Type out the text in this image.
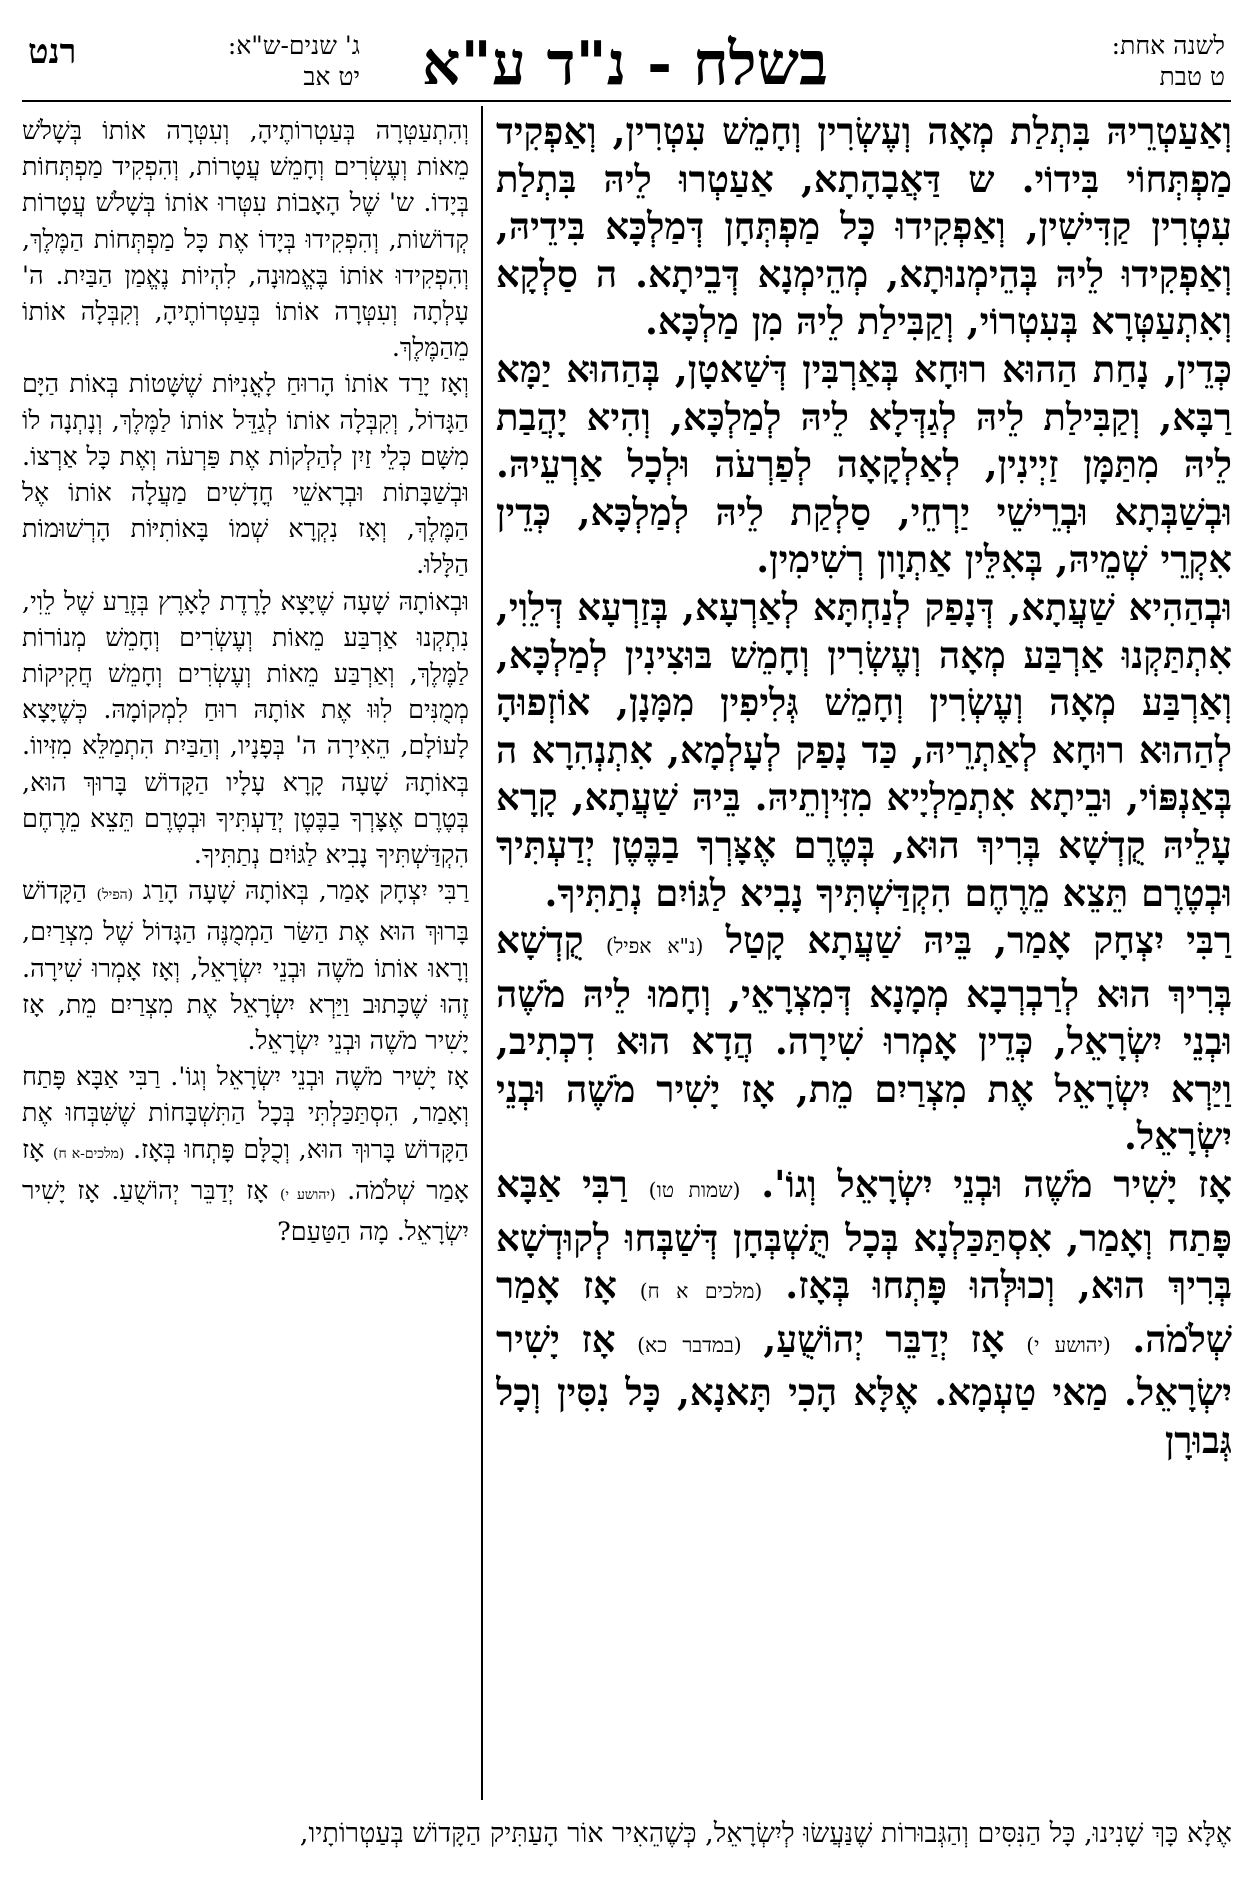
לשנה אחת:
ט טבת
בשלח - נ"ד ע"א
ג' שנים-ש"א:
יט אב
רנט

וְאַעַטְרֵיהּ בִּתְלַת מְאָה וְעֶשְׂרִין וְחָמֵשׁ עִטְרִין, וְאַפְקִיד מַפְתְּחוֹי בִּידוֹי. ש דַּאֲבָהָתָא, אַעַטְרוּ לֵיהּ בִּתְלַת עִטְרִין קַדִּישִׁין, וְאַפְקִידוּ כָּל מַפְתְּחָן דְּמַלְכָּא בִּידֵיהּ, וְאַפְקִידוּ לֵיהּ בְּהֵימְנוּתָא, מְהֵימְנָא דְּבֵיתָא. ה סַלְקָא וְאִתְעַטְּרָא בְּעִטְרוֹי, וְקַבִּילַת לֵיהּ מִן מַלְכָּא.

כְּדֵין, נָחַת הַהוּא רוּחָא בְּאַרְבִּין דְּשַׁאטָן, בְּהַהוּא יַמָּא רַבָּא, וְקַבִּילַת לֵיהּ לְגַדְּלָא לֵיהּ לְמַלְכָּא, וְהִיא יָהֲבַת לֵיהּ מִתַּמָּן זַיְינִין, לְאַלְקָאָה לְפַרְעֹה וּלְכָל אַרְעֵיהּ. וּבְשַׁבְּתָא וּבְרֵישֵׁי יַרְחֵי, סַלְקַת לֵיהּ לְמַלְכָּא, כְּדֵין אִקְרֵי שְׁמֵיהּ, בְּאִלֵּין אַתְוָון רְשִׁימִין.

וּבְהַהִיא שַׁעֲתָא, דְּנָפַק לְנַחְתָּא לְאַרְעָא, בְּזַרְעָא דְּלֵוִי, אִתְתַּקְנוּ אַרְבַּע מְאָה וְעֶשְׂרִין וְחָמֵשׁ בּוּצִינִין לְמַלְכָּא, וְאַרְבַּע מְאָה וְעֶשְׂרִין וְחָמֵשׁ גְּלִיפִין מִמָּנָן, אוֹזְפוּהָ לְהַהוּא רוּחָא לְאַתְרֵיהּ, כַּד נָפַק לְעָלְמָא, אִתְנְהִרָא ה בְּאַנְפּוֹי, וּבֵיתָא אִתְמַלְיָיא מִזִּיוְתֵיהּ. בֵּיהּ שַׁעֲתָא, קָרָא עָלֵיהּ קֻדְשָׁא בְּרִיךְ הוּא, בְּטֶרֶם אֶצָּרְךָ בַבֶּטֶן יְדַעְתִּיךָ וּבְטֶרֶם תֵּצֵא מֵרֶחֶם הִקְדַּשְׁתִּיךָ נָבִיא לַגּוֹיִם נְתַתִּיךָ.

רַבִּי יִצְחָק אָמַר, בֵּיהּ שַׁעֲתָא קָטַל (נ"א אפיל) קֻדְשָׁא בְּרִיךְ הוּא לְרַבְרְבָא מְמָנָא דְּמִצְרָאֵי, וְחָמוּ לֵיהּ מֹשֶׁה וּבְנֵי יִשְׂרָאֵל, כְּדֵין אָמְרוּ שִׁירָה. הֲדָא הוּא דִכְתִיב, וַיַּרְא יִשְׂרָאֵל אֶת מִצְרַיִם מֵת, אָז יָשִׁיר מֹשֶׁה וּבְנֵי יִשְׂרָאֵל.

אָז יָשִׁיר מֹשֶׁה וּבְנֵי יִשְׂרָאֵל וְגוֹ'. (שמות טו) רַבִּי אַבָּא פָּתַח וְאָמַר, אִסְתַּכַּלְנָא בְּכָל תֻּשְׁבְּחָן דְּשַׁבְּחוּ לְקוּדְשָׁא בְּרִיךְ הוּא, וְכוּלְּהוּ פָּתְחוּ בְּאָז. (מלכים א ח) אָז אָמַר שְׁלֹמֹה. (יהושע י) אָז יְדַבֵּר יְהוֹשֻׁעַ, (במדבר כא) אָז יָשִׁיר יִשְׂרָאֵל. מַאי טַעְמָא. אֶלָּא הָכִי תָּאנָא, כָּל נִסִּין וְכָל גְּבוּרָן

וְהִתְעַטְּרָה בְּעַטְרוֹתֶיהָ, וְעִטְּרָה אוֹתוֹ בְּשָׁלֹשׁ מֵאוֹת וְעֶשְׂרִים וְחָמֵשׁ עֲטָרוֹת, וְהִפְקִיד מַפְתְּחוֹת בְּיָדוֹ. ש' שֶׁל הָאָבוֹת עִטְּרוּ אוֹתוֹ בְּשָׁלֹשׁ עֲטָרוֹת קְדוֹשׁוֹת, וְהִפְקִידוּ בְּיָדוֹ אֶת כָּל מַפְתְּחוֹת הַמֶּלֶךְ, וְהִפְקִידוּ אוֹתוֹ בֶּאֱמוּנָה, לִהְיוֹת נֶאֱמַן הַבַּיִת. ה' עָלְתָה וְעִטְּרָה אוֹתוֹ בְּעַטְרוֹתֶיהָ, וְקִבְּלָה אוֹתוֹ מֵהַמֶּלֶךְ.

וְאָז יָרַד אוֹתוֹ הָרוּחַ לָאֳנִיּוֹת שֶׁשָּׁטוֹת בְּאוֹת הַיָּם הַגָּדוֹל, וְקִבְּלָה אוֹתוֹ לְגַדֵּל אוֹתוֹ לַמֶּלֶךְ, וְנָתְנָה לוֹ מִשָּׁם כְּלֵי זַיִן לְהַלְקוֹת אֶת פַּרְעֹה וְאֶת כָּל אַרְצוֹ. וּבְשַׁבָּתוֹת וּבְרָאשֵׁי חֳדָשִׁים מַעֲלָה אוֹתוֹ אֶל הַמֶּלֶךְ, וְאָז נִקְרָא שְׁמוֹ בָּאוֹתִיּוֹת הָרְשׁוּמוֹת הַלָּלוּ.

וּבְאוֹתָהּ שָׁעָה שֶׁיָּצָא לָרֶדֶת לָאָרֶץ בְּזֶרַע שֶׁל לֵוִי, נִתְקְנוּ אַרְבַּע מֵאוֹת וְעֶשְׂרִים וְחָמֵשׁ מְנוֹרוֹת לַמֶּלֶךְ, וְאַרְבַּע מֵאוֹת וְעֶשְׂרִים וְחָמֵשׁ חֲקִיקוֹת מְמֻנִּים לִוּוּ אֶת אוֹתָהּ רוּחַ לִמְקוֹמָהּ. כְּשֶׁיָּצָא לָעוֹלָם, הֵאִירָה ה' בְּפָנָיו, וְהַבַּיִת הִתְמַלֵּא מִזִּיווֹ. בְּאוֹתָהּ שָׁעָה קָרָא עָלָיו הַקָּדוֹשׁ בָּרוּךְ הוּא, בְּטֶרֶם אֶצָּרְךָ בַבֶּטֶן יְדַעְתִּיךָ וּבְטֶרֶם תֵּצֵא מֵרֶחֶם הִקְדַּשְׁתִּיךָ נָבִיא לַגּוֹיִם נְתַתִּיךָ.

רַבִּי יִצְחָק אָמַר, בְּאוֹתָהּ שָׁעָה הָרַג (הפיל) הַקָּדוֹשׁ בָּרוּךְ הוּא אֶת הַשַּׂר הַמְמֻנֶּה הַגָּדוֹל שֶׁל מִצְרַיִם, וְרָאוּ אוֹתוֹ מֹשֶׁה וּבְנֵי יִשְׂרָאֵל, וְאָז אָמְרוּ שִׁירָה. זֶהוּ שֶׁכָּתוּב וַיַּרְא יִשְׂרָאֵל אֶת מִצְרַיִם מֵת, אָז יָשִׁיר מֹשֶׁה וּבְנֵי יִשְׂרָאֵל.

אָז יָשִׁיר מֹשֶׁה וּבְנֵי יִשְׂרָאֵל וְגוֹ'. רַבִּי אַבָּא פָּתַח וְאָמַר, הִסְתַּכַּלְתִּי בְּכָל הַתִּשְׁבָּחוֹת שֶׁשִּׁבְּחוּ אֶת הַקָּדוֹשׁ בָּרוּךְ הוּא, וְכֻלָּם פָּתְחוּ בְּאָז. (מלכים-א ח) אָז אָמַר שְׁלֹמֹה. (יהושע י) אָז יְדַבֵּר יְהוֹשֻׁעַ. אָז יָשִׁיר יִשְׂרָאֵל. מָה הַטַּעַם?

אֶלָּא כָּךְ שָׁנִינוּ, כָּל הַנִּסִּים וְהַגְּבוּרוֹת שֶׁנַּעֲשׂוּ לְיִשְׂרָאֵל, כְּשֶׁהֵאִיר אוֹר הָעַתִּיק הַקָּדוֹשׁ בְּעַטְרוֹתָיו,
